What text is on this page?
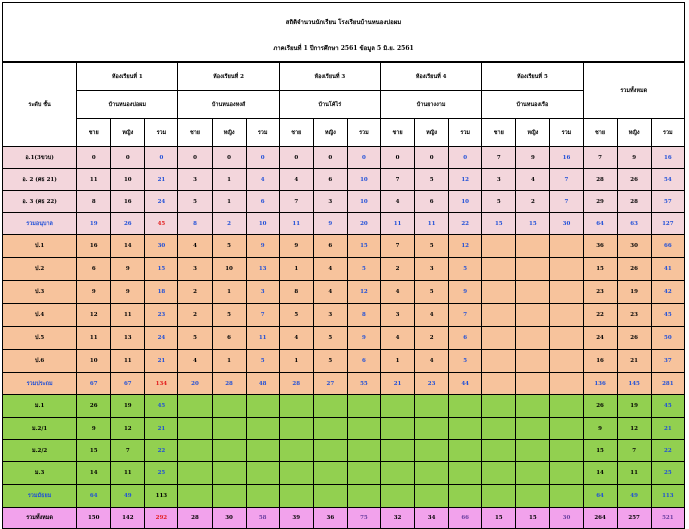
สถิติจำนวนนักเรียน โรงเรียนบ้านหนองบ่อผม
ภาคเรียนที่ 1 ปีการศึกษา 2561 ข้อมูล 5 มิ.ย. 2561
ระดับ ชั้น	ห้องเรียนที่ 1			ห้องเรียนที่ 2			ห้องเรียนที่ 3			ห้องเรียนที่ 4			ห้องเรียนที่ 5			รวมทั้งหมด		
	บ้านหนองบ่อผม			บ้านหนองหงส์			บ้านโค้ไร่			บ้านยางงาม			บ้านหนองเรือ					
	ชาย	หญิง	รวม	ชาย	หญิง	รวม	ชาย	หญิง	รวม	ชาย	หญิง	รวม	ชาย	หญิง	รวม	ชาย	หญิง	รวม
อ.1(3ขวบ)	0	0	0	0	0	0	0	0	0	0	0	0	7	9	16	7	9	16
อ. 2 (ศธ 21)	11	10	21	3	1	4	4	6	10	7	5	12	3	4	7	28	26	54
อ. 3 (ศธ 22)	8	16	24	5	1	6	7	3	10	4	6	10	5	2	7	29	28	57
รวมอนุบาล	19	26	45	8	2	10	11	9	20	11	11	22	15	15	30	64	63	127
ป.1	16	14	30	4	5	9	9	6	15	7	5	12				36	30	66
ป.2	6	9	15	3	10	13	1	4	5	2	3	5				15	26	41
ป.3	9	9	18	2	1	3	8	4	12	4	5	9				23	19	42
ป.4	12	11	23	2	5	7	5	3	8	3	4	7				22	23	45
ป.5	11	13	24	5	6	11	4	5	9	4	2	6				24	26	50
ป.6	10	11	21	4	1	5	1	5	6	1	4	5				16	21	37
รวมประถม	67	67	134	20	28	48	28	27	55	21	23	44				136	145	281
ม.1	26	19	45													26	19	45
ม.2/1	9	12	21													9	12	21
ม.2/2	15	7	22													15	7	22
ม.3	14	11	25													14	11	25
รวมมัธยม	64	49	113													64	49	113
รวมทั้งหมด	150	142	292	28	30	58	39	36	75	32	34	66	15	15	30	264	257	521
